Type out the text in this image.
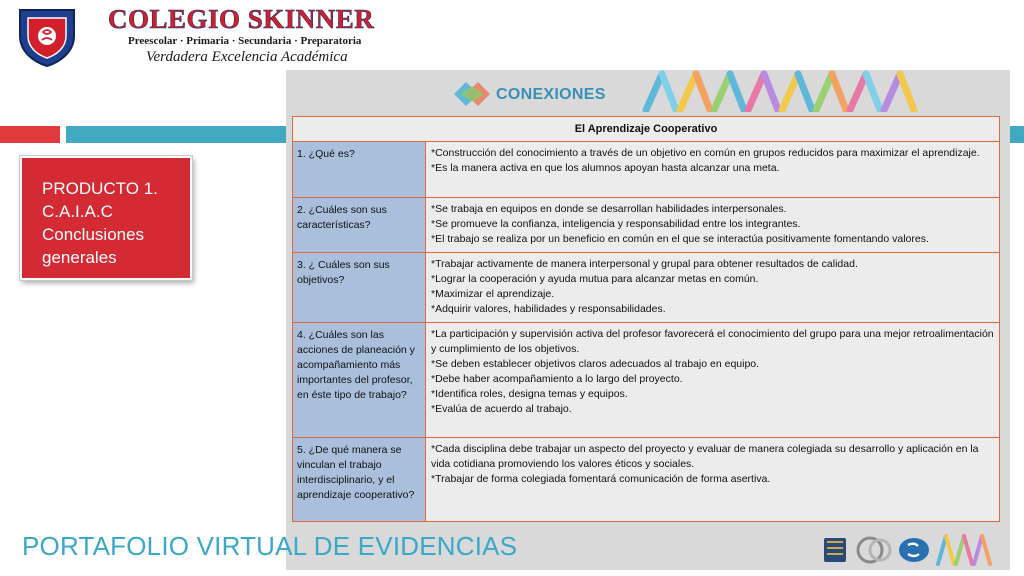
COLEGIO SKINNER
Preescolar · Primaria · Secundaria · Preparatoria
Verdadera Excelencia Académica
PRODUCTO 1.
C.A.I.A.C
Conclusiones
generales
CONEXIONES
El Aprendizaje Cooperativo	
1. ¿Qué es?	*Construcción del conocimiento a través de un objetivo en común en grupos reducidos para maximizar el aprendizaje.
*Es la manera activa en que los alumnos apoyan hasta alcanzar una meta.

2. ¿Cuáles son sus características?	*Se trabaja en equipos en donde se desarrollan habilidades interpersonales.
*Se promueve la confianza, inteligencia y responsabilidad entre los integrantes.
*El trabajo se realiza por un beneficio en común en el que se interactúa positivamente fomentando valores.

3. ¿ Cuáles son sus objetivos?	*Trabajar activamente de manera interpersonal y grupal para obtener resultados de calidad.
*Lograr la cooperación y ayuda mutua para alcanzar metas en común.
*Maximizar el aprendizaje.
*Adquirir valores, habilidades y responsabilidades.

4. ¿Cuáles son las acciones de planeación y acompañamiento más importantes del profesor, en éste tipo de trabajo?	*La participación y supervisión activa del profesor favorecerá el conocimiento del grupo para una mejor retroalimentación y cumplimiento de los objetivos.
*Se deben establecer objetivos claros adecuados al trabajo en equipo.
*Debe haber acompañamiento a lo largo del proyecto.
*Identifica roles, designa temas y equipos.
*Evalúa de acuerdo al trabajo.

5. ¿De qué manera se vinculan el trabajo interdisciplinario, y el aprendizaje cooperativo?	*Cada disciplina debe trabajar un aspecto del proyecto y evaluar de manera colegiada su desarrollo y aplicación en la vida cotidiana promoviendo los valores éticos y sociales.
*Trabajar de forma colegiada fomentará comunicación de forma asertiva.
PORTAFOLIO VIRTUAL DE EVIDENCIAS
